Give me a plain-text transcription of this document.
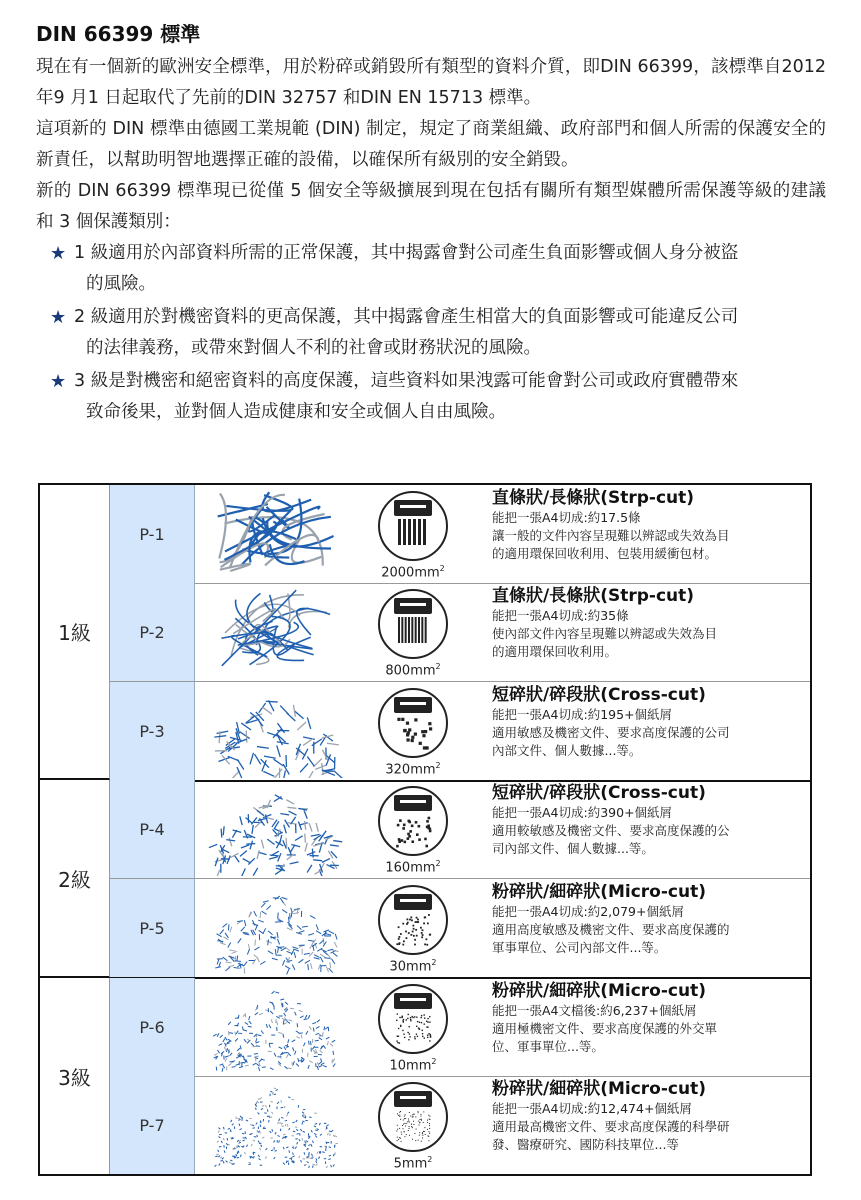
DIN 66399 標準

現在有一個新的歐洲安全標準，用於粉碎或銷毀所有類型的資料介質，即DIN 66399，該標準自2012 年9 月1 日起取代了先前的DIN 32757 和DIN EN 15713 標準。

這項新的 DIN 標準由德國工業規範 (DIN) 制定，規定了商業組織、政府部門和個人所需的保護安全的新責任，以幫助明智地選擇正確的設備，以確保所有級別的安全銷毀。

新的 DIN 66399 標準現已從僅 5 個安全等級擴展到現在包括有關所有類型媒體所需保護等級的建議和 3 個保護類別：

★ 1 級適用於內部資料所需的正常保護，其中揭露會對公司產生負面影響或個人身分被盜
的風險。
★ 2 級適用於對機密資料的更高保護，其中揭露會產生相當大的負面影響或可能違反公司
的法律義務，或帶來對個人不利的社會或財務狀況的風險。
★ 3 級是對機密和絕密資料的高度保護，這些資料如果洩露可能會對公司或政府實體帶來
致命後果，並對個人造成健康和安全或個人自由風險。
1級
2級
3級
P-1
$2000mm^2$
直條狀/長條狀(Strp-cut)
能把一張A4切成:約17.5條
讓一般的文件內容呈現難以辨認或失效為目
的適用環保回收利用、包裝用緩衝包材。
P-2
$800mm^2$
直條狀/長條狀(Strp-cut)
能把一張A4切成:約35條
使內部文件內容呈現難以辨認或失效為目
的適用環保回收利用。
P-3
$320mm^2$
短碎狀/碎段狀(Cross-cut)
能把一張A4切成:約195+個紙屑
適用敏感及機密文件、要求高度保護的公司
內部文件、個人數據...等。
P-4
$160mm^2$
短碎狀/碎段狀(Cross-cut)
能把一張A4切成:約390+個紙屑
適用較敏感及機密文件、要求高度保護的公
司內部文件、個人數據...等。
P-5
$30mm^2$
粉碎狀/細碎狀(Micro-cut)
能把一張A4切成:約2,079+個紙屑
適用高度敏感及機密文件、要求高度保護的
軍事單位、公司內部文件...等。
P-6
$10mm^2$
粉碎狀/細碎狀(Micro-cut)
能把一張A4文檔後:約6,237+個紙屑
適用極機密文件、要求高度保護的外交單
位、軍事單位...等。
P-7
$5mm^2$
粉碎狀/細碎狀(Micro-cut)
能把一張A4切成:約12,474+個紙屑
適用最高機密文件、要求高度保護的科學研
發、醫療研究、國防科技單位...等
